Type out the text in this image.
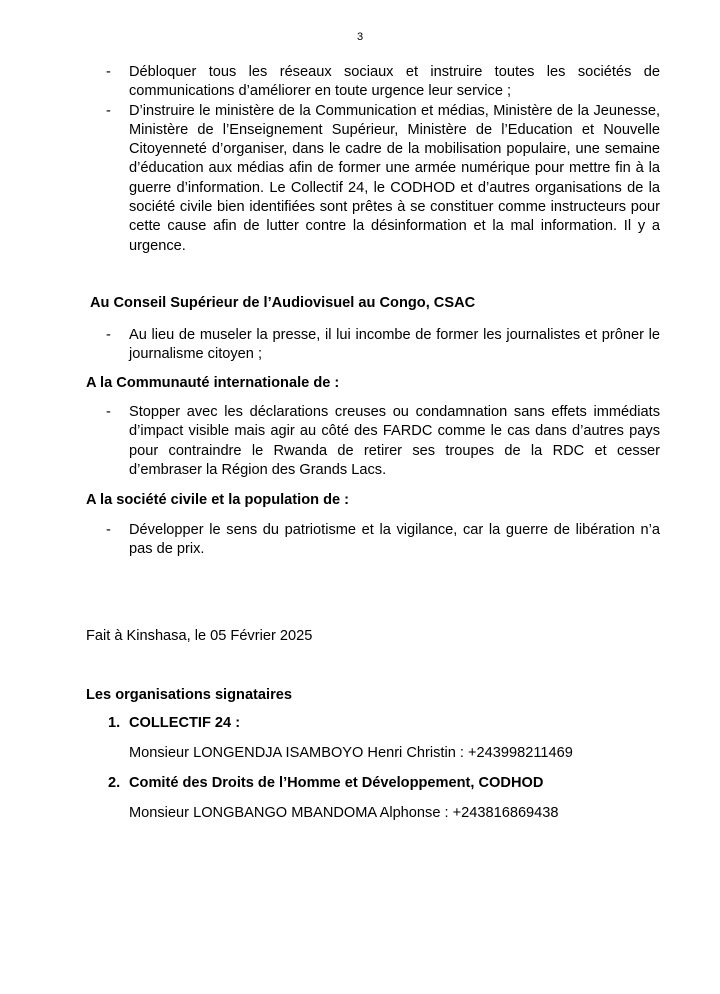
3
- Débloquer tous les réseaux sociaux et instruire toutes les sociétés de communications d’améliorer en toute urgence leur service ;
- D’instruire le ministère de la Communication et médias, Ministère de la Jeunesse, Ministère de l’Enseignement Supérieur, Ministère de l’Education et Nouvelle Citoyenneté d’organiser, dans le cadre de la mobilisation populaire, une semaine d’éducation aux médias afin de former une armée numérique pour mettre fin à la guerre d’information. Le Collectif 24, le CODHOD et d’autres organisations de la société civile bien identifiées sont prêtes à se constituer comme instructeurs pour cette cause afin de lutter contre la désinformation et la mal information. Il y a urgence.
Au Conseil Supérieur de l’Audiovisuel au Congo, CSAC
- Au lieu de museler la presse, il lui incombe de former les journalistes et prôner le journalisme citoyen ;
A la Communauté internationale de :
- Stopper avec les déclarations creuses ou condamnation sans effets immédiats d’impact visible mais agir au côté des FARDC comme le cas dans d’autres pays pour contraindre le Rwanda de retirer ses troupes de la RDC et cesser d’embraser la Région des Grands Lacs.
A la société civile et la population de :
- Développer le sens du patriotisme et la vigilance, car la guerre de libération n’a pas de prix.
Fait à Kinshasa, le 05 Février 2025
Les organisations signataires
1. COLLECTIF 24 :
Monsieur LONGENDJA ISAMBOYO Henri Christin : +243998211469
2. Comité des Droits de l’Homme et Développement, CODHOD
Monsieur LONGBANGO MBANDOMA Alphonse : +243816869438
